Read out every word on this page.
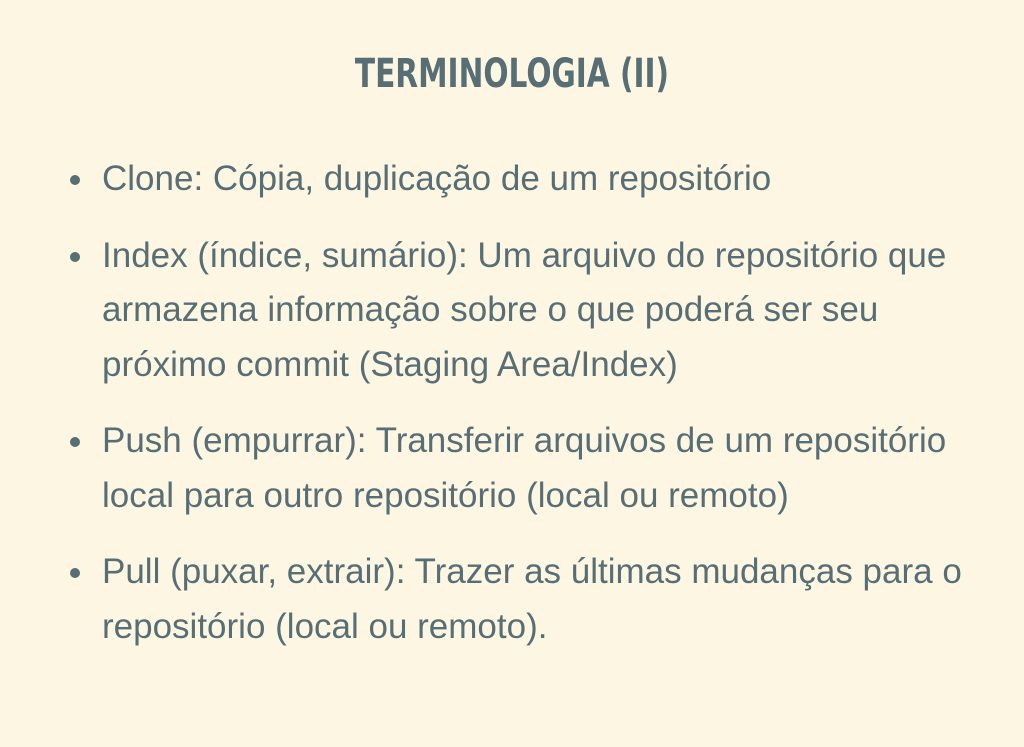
TERMINOLOGIA (II)
Clone: Cópia, duplicação de um repositório
Index (índice, sumário): Um arquivo do repositório que armazena informação sobre o que poderá ser seu próximo commit (Staging Area/Index)
Push (empurrar): Transferir arquivos de um repositório local para outro repositório (local ou remoto)
Pull (puxar, extrair): Trazer as últimas mudanças para o repositório (local ou remoto).
